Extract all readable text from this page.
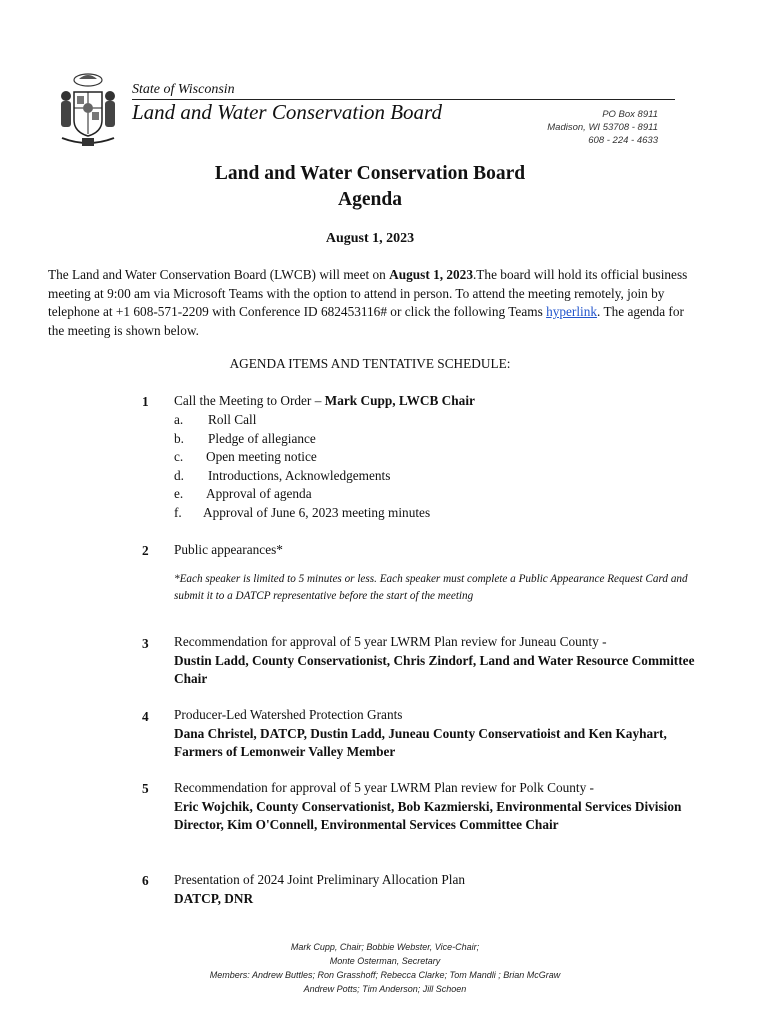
State of Wisconsin
Land and Water Conservation Board	PO Box 8911
Madison, WI 53708 - 8911
608 - 224 - 4633
Land and Water Conservation Board
Agenda
August 1, 2023
The Land and Water Conservation Board (LWCB) will meet on August 1, 2023.The board will hold its official business meeting at 9:00 am via Microsoft Teams with the option to attend in person. To attend the meeting remotely, join by telephone at +1 608-571-2209 with Conference ID 682453116# or click the following Teams hyperlink. The agenda for the meeting is shown below.
AGENDA ITEMS AND TENTATIVE SCHEDULE:
1 Call the Meeting to Order – Mark Cupp, LWCB Chair
a. Roll Call
b. Pledge of allegiance
c. Open meeting notice
d. Introductions, Acknowledgements
e. Approval of agenda
f. Approval of June 6, 2023 meeting minutes
2 Public appearances*
*Each speaker is limited to 5 minutes or less. Each speaker must complete a Public Appearance Request Card and submit it to a DATCP representative before the start of the meeting
3 Recommendation for approval of 5 year LWRM Plan review for Juneau County -
Dustin Ladd, County Conservationist, Chris Zindorf, Land and Water Resource Committee Chair
4 Producer-Led Watershed Protection Grants
Dana Christel, DATCP, Dustin Ladd, Juneau County Conservatioist and Ken Kayhart, Farmers of Lemonweir Valley Member
5 Recommendation for approval of 5 year LWRM Plan review for Polk County -
Eric Wojchik, County Conservationist, Bob Kazmierski, Environmental Services Division Director, Kim O'Connell, Environmental Services Committee Chair
6 Presentation of 2024 Joint Preliminary Allocation Plan
DATCP, DNR
Mark Cupp, Chair; Bobbie Webster, Vice-Chair;
Monte Osterman, Secretary
Members: Andrew Buttles; Ron Grasshoff; Rebecca Clarke; Tom Mandli ; Brian McGraw
Andrew Potts; Tim Anderson; Jill Schoen
